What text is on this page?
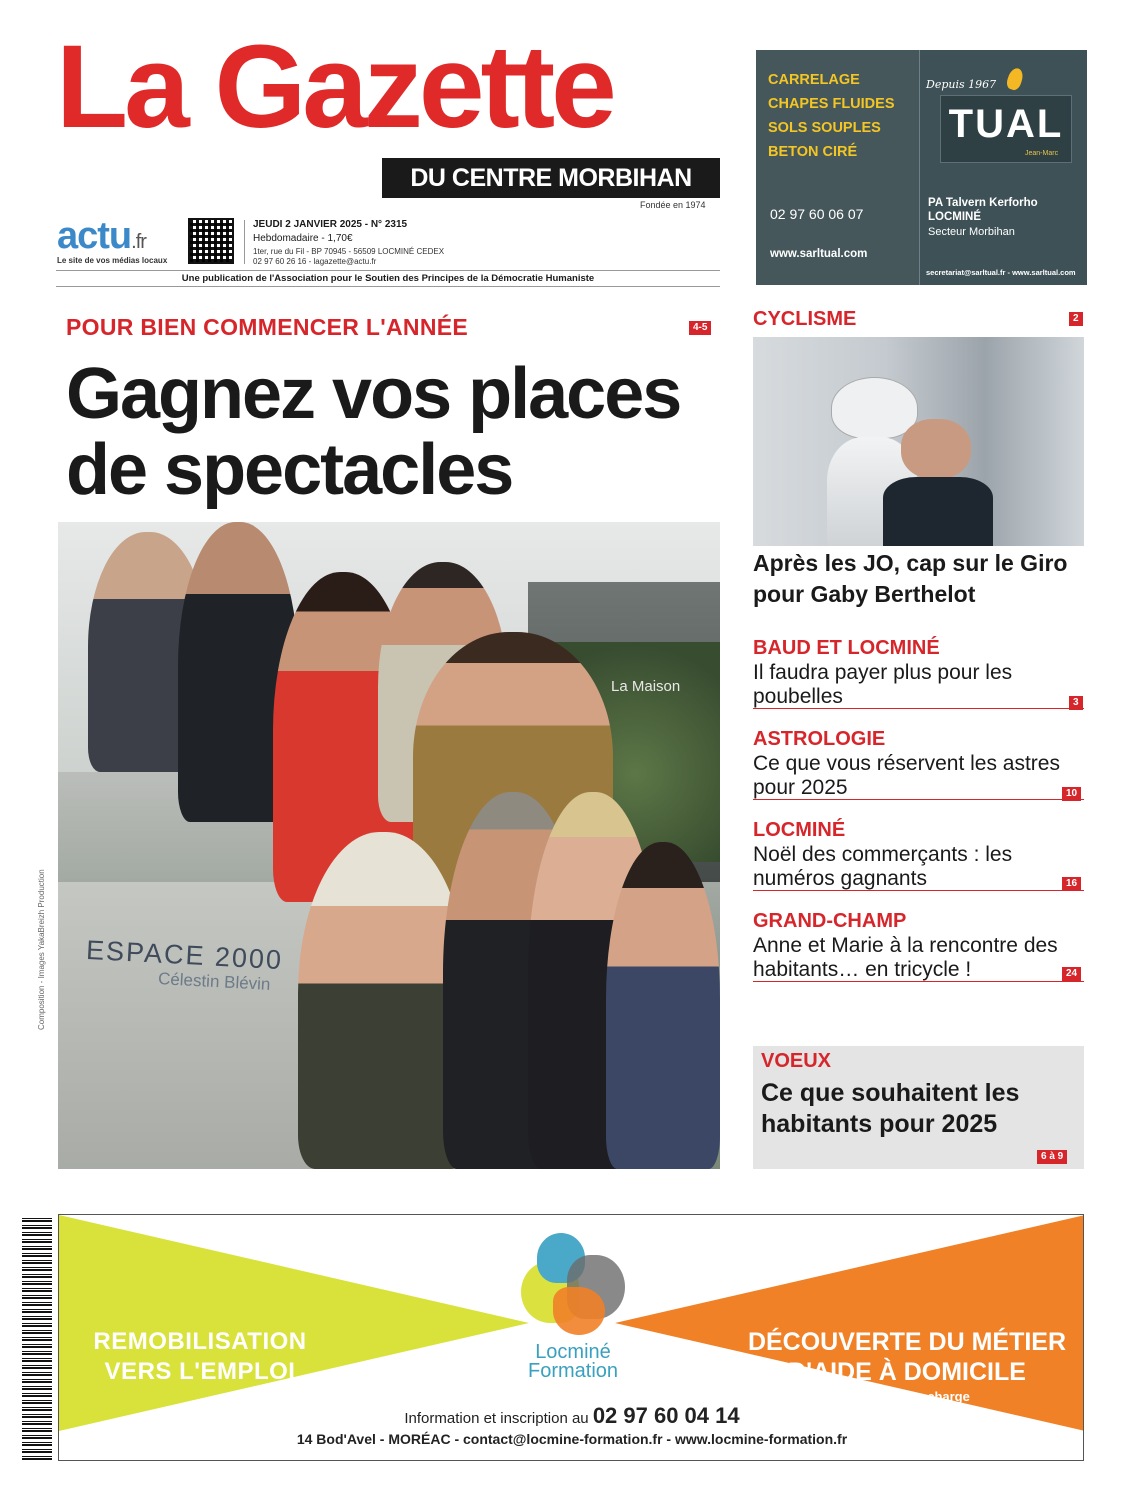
La Gazette
DU CENTRE MORBIHAN
Fondée en 1974
actu.fr
Le site de vos médias locaux
JEUDI 2 JANVIER 2025 - N° 2315
Hebdomadaire - 1,70€
1ter, rue du Fil - BP 70945 - 56509 LOCMINÉ CEDEX
02 97 60 26 16 - lagazette@actu.fr
Une publication de l'Association pour le Soutien des Principes de la Démocratie Humaniste
CARRELAGE
CHAPES FLUIDES
SOLS SOUPLES
BETON CIRÉ
02 97 60 06 07
www.sarltual.com
Depuis 1967
TUAL
Jean-Marc
PA Talvern Kerforho
LOCMINÉ
Secteur Morbihan
secretariat@sarltual.fr - www.sarltual.com
POUR BIEN COMMENCER L'ANNÉE	4-5
Gagnez vos places de spectacles
La Maison
ESPACE 2000
Célestin Blévin
Composition - Images YakaBreizh Production
CYCLISME	2
Après les JO, cap sur le Giro pour Gaby Berthelot
BAUD ET LOCMINÉ
Il faudra payer plus pour les poubelles	3
ASTROLOGIE
Ce que vous réservent les astres pour 2025	10
LOCMINÉ
Noël des commerçants : les numéros gagnants	16
GRAND-CHAMP
Anne et Marie à la rencontre des habitants… en tricycle !	24
VOEUX
Ce que souhaitent les habitants pour 2025
6 à 9
REMOBILISATION VERS L'EMPLOI
Locminé Formation
DÉCOUVERTE DU MÉTIER D'AIDE À DOMICILE
100% pris en charge
Information et inscription au 02 97 60 04 14
14 Bod'Avel - MORÉAC - contact@locmine-formation.fr - www.locmine-formation.fr
